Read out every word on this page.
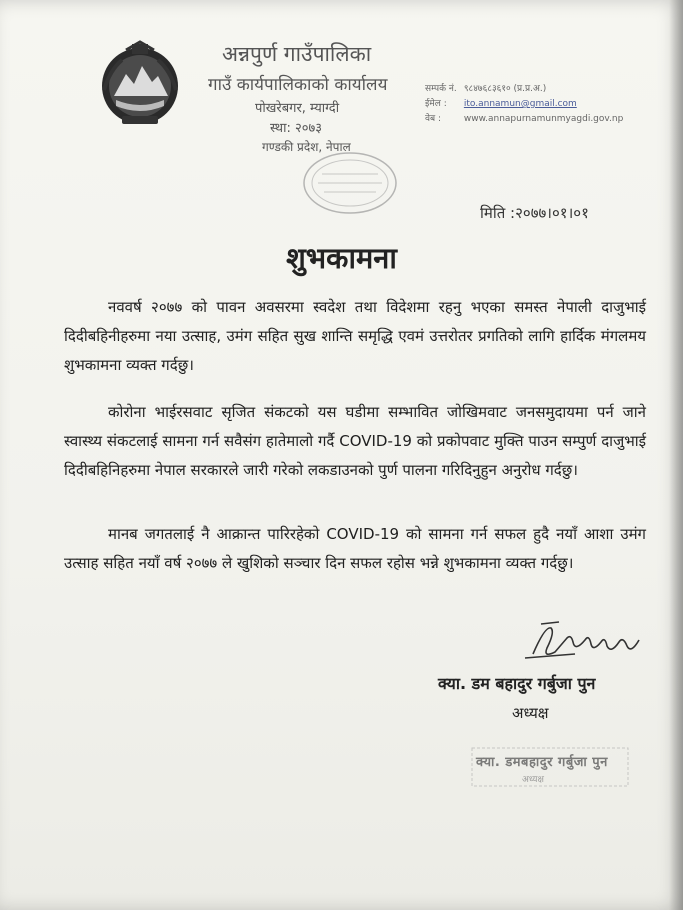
अन्नपुर्ण गाउँपालिका
गाउँ कार्यपालिकाको कार्यालय
पोखरेबगर, म्याग्दी
स्था: २०७३
गण्डकी प्रदेश, नेपाल
सम्पर्क नं. ९८४७६८३६१० (प्र.प्र.अ.)
ईमेल : ito.annamun@gmail.com
वेब :	www.annapurnamunmyagdi.gov.np
मिति :२०७७।०१।०१
शुभकामना
नववर्ष २०७७ को पावन अवसरमा स्वदेश तथा विदेशमा रहनु भएका समस्त नेपाली दाजुभाई दिदीबहिनीहरुमा नया उत्साह, उमंग सहित सुख शान्ति समृद्धि एवमं उत्तरोतर प्रगतिको लागि हार्दिक मंगलमय शुभकामना व्यक्त गर्दछु।
कोरोना भाईरसवाट सृजित संकटको यस घडीमा सम्भावित जोखिमवाट जनसमुदायमा पर्न जाने स्वास्थ्य संकटलाई सामना गर्न सवैसंग हातेमालो गर्दै COVID-19 को प्रकोपवाट मुक्ति पाउन सम्पुर्ण दाजुभाई दिदीबहिनिहरुमा नेपाल सरकारले जारी गरेको लकडाउनको पुर्ण पालना गरिदिनुहुन अनुरोध गर्दछु।
मानब जगतलाई नै आक्रान्त पारिरहेको COVID-19 को सामना गर्न सफल हुदै नयाँ आशा उमंग उत्साह सहित नयाँ वर्ष २०७७ ले खुशिको सञ्चार दिन सफल रहोस भन्ने शुभकामना व्यक्त गर्दछु।
क्या. डम बहादुर गर्बुजा पुन
अध्यक्ष
क्या. डमबहादुर गर्बुजा पुन
अध्यक्ष
